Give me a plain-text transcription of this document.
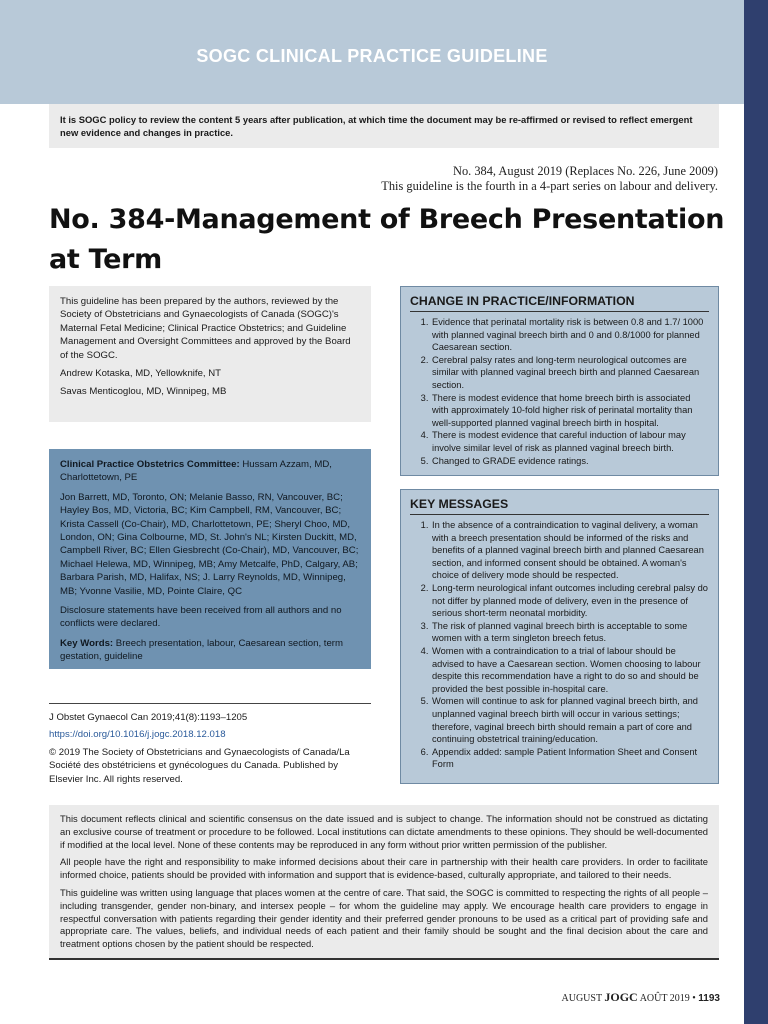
SOGC CLINICAL PRACTICE GUIDELINE
It is SOGC policy to review the content 5 years after publication, at which time the document may be re-affirmed or revised to reflect emergent new evidence and changes in practice.
No. 384, August 2019 (Replaces No. 226, June 2009)
This guideline is the fourth in a 4-part series on labour and delivery.
No. 384-Management of Breech Presentation
at Term

This guideline has been prepared by the authors, reviewed by the Society of Obstetricians and Gynaecologists of Canada (SOGC)'s Maternal Fetal Medicine; Clinical Practice Obstetrics; and Guideline Management and Oversight Committees and approved by the Board of the SOGC.

Andrew Kotaska, MD, Yellowknife, NT

Savas Menticoglou, MD, Winnipeg, MB

Clinical Practice Obstetrics Committee: Hussam Azzam, MD, Charlottetown, PE

Jon Barrett, MD, Toronto, ON; Melanie Basso, RN, Vancouver, BC; Hayley Bos, MD, Victoria, BC; Kim Campbell, RM, Vancouver, BC; Krista Cassell (Co-Chair), MD, Charlottetown, PE; Sheryl Choo, MD, London, ON; Gina Colbourne, MD, St. John's NL; Kirsten Duckitt, MD, Campbell River, BC; Ellen Giesbrecht (Co-Chair), MD, Vancouver, BC; Michael Helewa, MD, Winnipeg, MB; Amy Metcalfe, PhD, Calgary, AB; Barbara Parish, MD, Halifax, NS; J. Larry Reynolds, MD, Winnipeg, MB; Yvonne Vasilie, MD, Pointe Claire, QC

Disclosure statements have been received from all authors and no conflicts were declared.

Key Words: Breech presentation, labour, Caesarean section, term gestation, guideline

J Obstet Gynaecol Can 2019;41(8):1193–1205

https://doi.org/10.1016/j.jogc.2018.12.018

© 2019 The Society of Obstetricians and Gynaecologists of Canada/La Société des obstétriciens et gynécologues du Canada. Published by Elsevier Inc. All rights reserved.

CHANGE IN PRACTICE/INFORMATION
1. Evidence that perinatal mortality risk is between 0.8 and 1.7/ 1000 with planned vaginal breech birth and 0 and 0.8/1000 for planned Caesarean section.
2. Cerebral palsy rates and long-term neurological outcomes are similar with planned vaginal breech birth and planned Caesarean section.
3. There is modest evidence that home breech birth is associated with approximately 10-fold higher risk of perinatal mortality than well-supported planned vaginal breech birth in hospital.
4. There is modest evidence that careful induction of labour may involve similar level of risk as planned vaginal breech birth.
5. Changed to GRADE evidence ratings.
KEY MESSAGES
1. In the absence of a contraindication to vaginal delivery, a woman with a breech presentation should be informed of the risks and benefits of a planned vaginal breech birth and planned Caesarean section, and informed consent should be obtained. A woman's choice of delivery mode should be respected.
2. Long-term neurological infant outcomes including cerebral palsy do not differ by planned mode of delivery, even in the presence of serious short-term neonatal morbidity.
3. The risk of planned vaginal breech birth is acceptable to some women with a term singleton breech fetus.
4. Women with a contraindication to a trial of labour should be advised to have a Caesarean section. Women choosing to labour despite this recommendation have a right to do so and should be provided the best possible in-hospital care.
5. Women will continue to ask for planned vaginal breech birth, and unplanned vaginal breech birth will occur in various settings; therefore, vaginal breech birth should remain a part of core and continuing obstetrical training/education.
6. Appendix added: sample Patient Information Sheet and Consent Form

This document reflects clinical and scientific consensus on the date issued and is subject to change. The information should not be construed as dictating an exclusive course of treatment or procedure to be followed. Local institutions can dictate amendments to these opinions. They should be well-documented if modified at the local level. None of these contents may be reproduced in any form without prior written permission of the publisher.

All people have the right and responsibility to make informed decisions about their care in partnership with their health care providers. In order to facilitate informed choice, patients should be provided with information and support that is evidence-based, culturally appropriate, and tailored to their needs.

This guideline was written using language that places women at the centre of care. That said, the SOGC is committed to respecting the rights of all people – including transgender, gender non-binary, and intersex people – for whom the guideline may apply. We encourage health care providers to engage in respectful conversation with patients regarding their gender identity and their preferred gender pronouns to be used as a critical part of providing safe and appropriate care. The values, beliefs, and individual needs of each patient and their family should be sought and the final decision about the care and treatment options chosen by the patient should be respected.

AUGUST JOGC AOÛT 2019 • 1193
